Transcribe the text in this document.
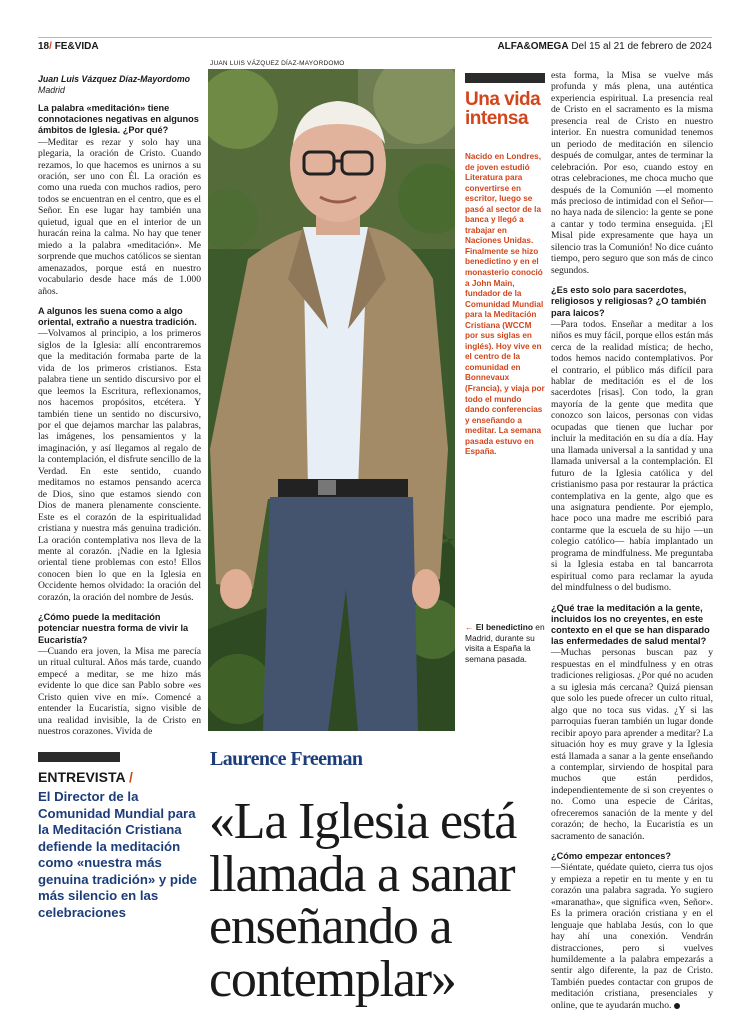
18/ FE&VIDA	ALFA&OMEGA Del 15 al 21 de febrero de 2024
JUAN LUIS VÁZQUEZ DÍAZ-MAYORDOMO
Juan Luis Vázquez Díaz-Mayordomo
Madrid

La palabra «meditación» tiene connotaciones negativas en algunos ámbitos de Iglesia. ¿Por qué?

—Meditar es rezar y solo hay una plegaria, la oración de Cristo. Cuando rezamos, lo que hacemos es unirnos a su oración, ser uno con Él. La oración es como una rueda con muchos radios, pero todos se encuentran en el centro, que es el Señor. En ese lugar hay también una quietud, igual que en el interior de un huracán reina la calma. No hay que tener miedo a la palabra «meditación». Me sorprende que muchos católicos se sientan amenazados, porque está en nuestro vocabulario desde hace más de 1.000 años.

A algunos les suena como a algo oriental, extraño a nuestra tradición.

—Volvamos al principio, a los primeros siglos de la Iglesia: allí encontraremos que la meditación formaba parte de la vida de los primeros cristianos. Esta palabra tiene un sentido discursivo por el que leemos la Escritura, reflexionamos, nos hacemos propósitos, etcétera. Y también tiene un sentido no discursivo, por el que dejamos marchar las palabras, las imágenes, los pensamientos y la imaginación, y así llegamos al regalo de la contemplación, el disfrute sencillo de la Verdad. En este sentido, cuando meditamos no estamos pensando acerca de Dios, sino que estamos siendo con Dios de manera plenamente consciente. Este es el corazón de la espiritualidad cristiana y nuestra más genuina tradición. La oración contemplativa nos lleva de la mente al corazón. ¡Nadie en la Iglesia oriental tiene problemas con esto! Ellos conocen bien lo que en la Iglesia en Occidente hemos olvidado: la oración del corazón, la oración del nombre de Jesús.

¿Cómo puede la meditación potenciar nuestra forma de vivir la Eucaristía?

—Cuando era joven, la Misa me parecía un ritual cultural. Años más tarde, cuando empecé a meditar, se me hizo más evidente lo que dice san Pablo sobre «es Cristo quien vive en mí». Comencé a entender la Eucaristía, signo visible de una realidad invisible, la de Cristo en nuestros corazones. Vivida de

Una vida intensa
Nacido en Londres, de joven estudió Literatura para convertirse en escritor, luego se pasó al sector de la banca y llegó a trabajar en Naciones Unidas. Finalmente se hizo benedictino y en el monasterio conoció a John Main, fundador de la Comunidad Mundial para la Meditación Cristiana (WCCM por sus siglas en inglés). Hoy vive en el centro de la comunidad en Bonnevaux (Francia), y viaja por todo el mundo dando conferencias y enseñando a meditar. La semana pasada estuvo en España.
← El benedictino en Madrid, durante su visita a España la semana pasada.

esta forma, la Misa se vuelve más profunda y más plena, una auténtica experiencia espiritual. La presencia real de Cristo en el sacramento es la misma presencia real de Cristo en nuestro interior. En nuestra comunidad tenemos un periodo de meditación en silencio después de comulgar, antes de terminar la celebración. Por eso, cuando estoy en otras celebraciones, me choca mucho que después de la Comunión —el momento más precioso de intimidad con el Señor— no haya nada de silencio: la gente se pone a cantar y todo termina enseguida. ¡El Misal pide expresamente que haya un silencio tras la Comunión! No dice cuánto tiempo, pero seguro que son más de cinco segundos.

¿Es esto solo para sacerdotes, religiosos y religiosas? ¿O también para laicos?

—Para todos. Enseñar a meditar a los niños es muy fácil, porque ellos están más cerca de la realidad mística; de hecho, todos hemos nacido contemplativos. Por el contrario, el público más difícil para hablar de meditación es el de los sacerdotes [risas]. Con todo, la gran mayoría de la gente que medita que conozco son laicos, personas con vidas ocupadas que tienen que luchar por incluir la meditación en su día a día. Hay una llamada universal a la santidad y una llamada universal a la contemplación. El futuro de la Iglesia católica y del cristianismo pasa por restaurar la práctica contemplativa en la gente, algo que es una asignatura pendiente. Por ejemplo, hace poco una madre me escribió para contarme que la escuela de su hijo —un colegio católico— había implantado un programa de mindfulness. Me preguntaba si la Iglesia estaba en tal bancarrota espiritual como para reclamar la ayuda del mindfulness o del budismo.

¿Qué trae la meditación a la gente, incluidos los no creyentes, en este contexto en el que se han disparado las enfermedades de salud mental?

—Muchas personas buscan paz y respuestas en el mindfulness y en otras tradiciones religiosas. ¿Por qué no acuden a su iglesia más cercana? Quizá piensan que solo les puede ofrecer un culto ritual, algo que no toca sus vidas. ¿Y si las parroquias fueran también un lugar donde recibir apoyo para aprender a meditar? La situación hoy es muy grave y la Iglesia está llamada a sanar a la gente enseñando a contemplar, sirviendo de hospital para muchos que están perdidos, independientemente de si son creyentes o no. Como una especie de Cáritas, ofreceremos sanación de la mente y del corazón; de hecho, la Eucaristía es un sacramento de sanación.

¿Cómo empezar entonces?

—Siéntate, quédate quieto, cierra tus ojos y empieza a repetir en tu mente y en tu corazón una palabra sagrada. Yo sugiero «maranatha», que significa «ven, Señor». Es la primera oración cristiana y en el lenguaje que hablaba Jesús, con lo que hay ahí una conexión. Vendrán distracciones, pero si vuelves humildemente a la palabra empezarás a sentir algo diferente, la paz de Cristo. También puedes contactar con grupos de meditación cristiana, presenciales y online, que te ayudarán mucho.

ENTREVISTA /
El Director de la Comunidad Mundial para la Meditación Cristiana defiende la meditación como «nuestra más genuina tradición» y pide más silencio en las celebraciones
Laurence Freeman
«La Iglesia está llamada a sanar enseñando a contemplar»
